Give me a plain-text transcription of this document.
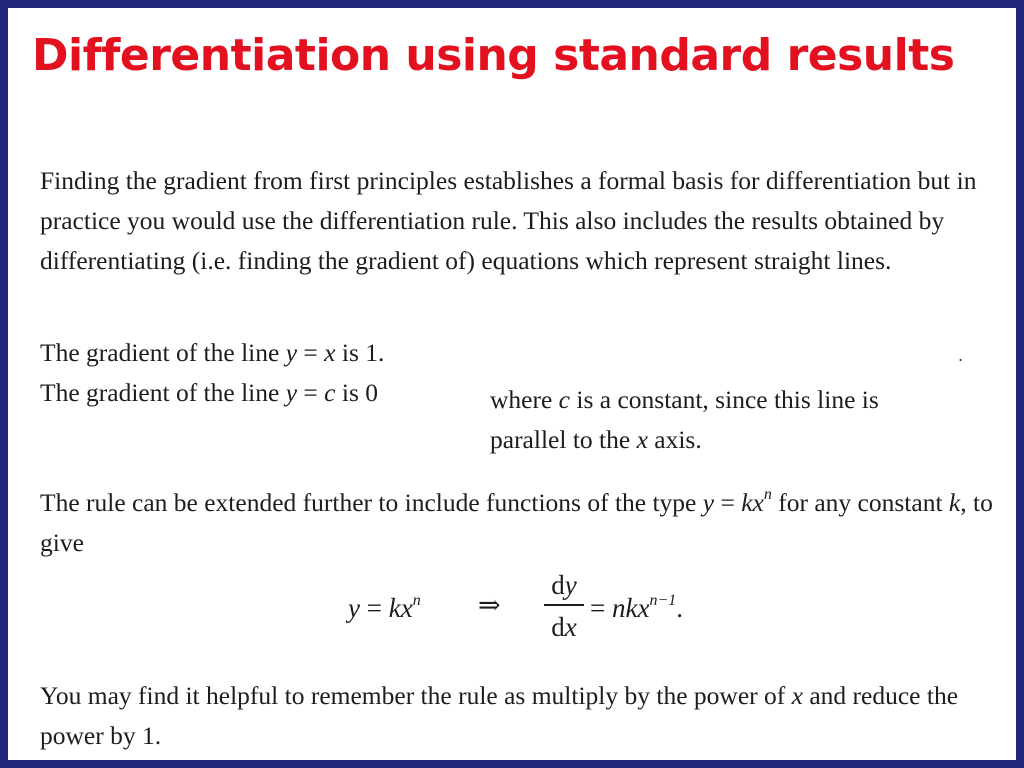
Differentiation using standard results
Finding the gradient from first principles establishes a formal basis for differentiation but in practice you would use the differentiation rule. This also includes the results obtained by differentiating (i.e. finding the gradient of) equations which represent straight lines.
The gradient of the line y = x is 1.
The gradient of the line y = c is 0	where c is a constant, since this line is parallel to the x axis.
.
The rule can be extended further to include functions of the type $y = kx^n$ for any constant k, to give
$y = kx^n$ ⇒
dy
dx
= nkx$^{n-1}$.
You may find it helpful to remember the rule as multiply by the power of x and reduce the power by 1.
